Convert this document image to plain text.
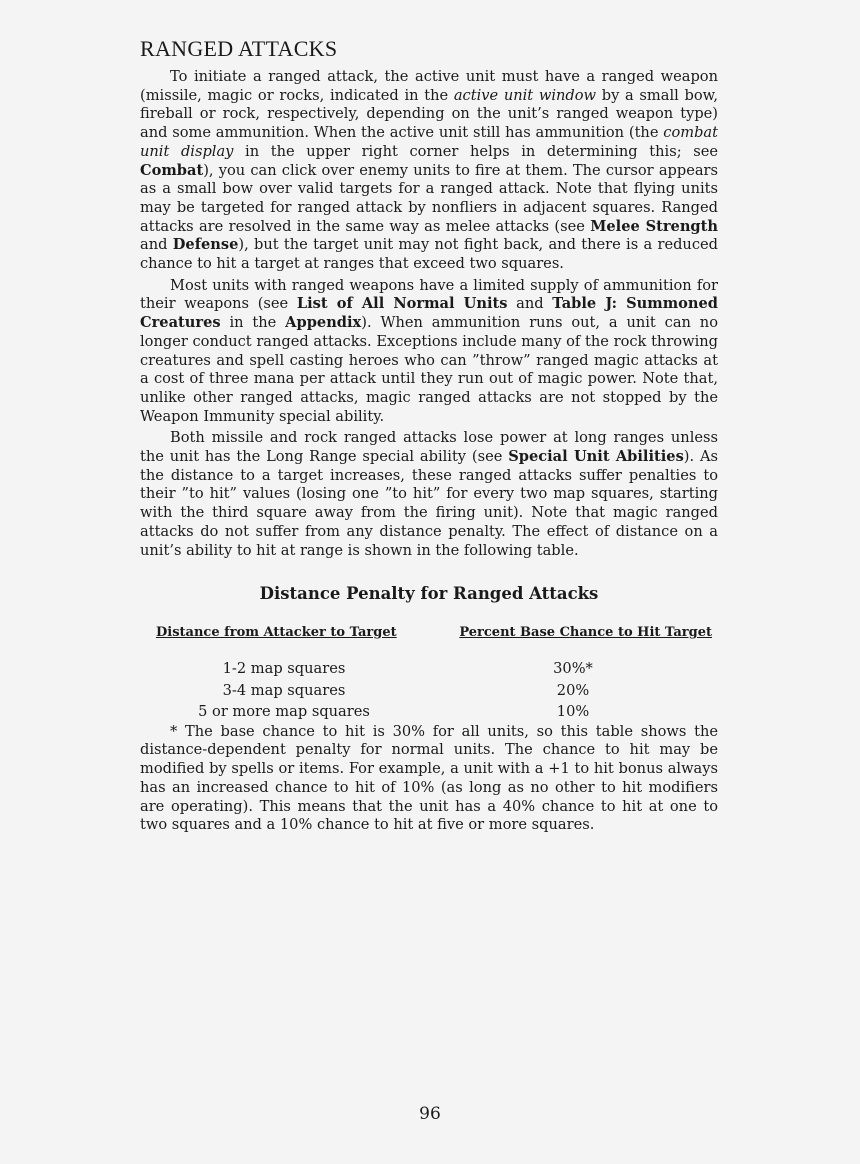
RANGED ATTACKS

To initiate a ranged attack, the active unit must have a ranged weapon (missile, magic or rocks, indicated in the active unit window by a small bow, fireball or rock, respectively, depending on the unit’s ranged weapon type) and some ammunition. When the active unit still has ammunition (the combat unit display in the upper right corner helps in determining this; see Combat), you can click over enemy units to fire at them. The cursor appears as a small bow over valid targets for a ranged attack. Note that flying units may be targeted for ranged attack by nonfliers in adjacent squares. Ranged attacks are resolved in the same way as melee attacks (see Melee Strength and Defense), but the target unit may not fight back, and there is a reduced chance to hit a target at ranges that exceed two squares.

Most units with ranged weapons have a limited supply of ammunition for their weapons (see List of All Normal Units and Table J: Summoned Creatures in the Appendix). When ammunition runs out, a unit can no longer conduct ranged attacks. Exceptions include many of the rock throwing creatures and spell casting heroes who can ”throw” ranged magic attacks at a cost of three mana per attack until they run out of magic power. Note that, unlike other ranged attacks, magic ranged attacks are not stopped by the Weapon Immunity special ability.

Both missile and rock ranged attacks lose power at long ranges unless the unit has the Long Range special ability (see Special Unit Abilities). As the distance to a target increases, these ranged attacks suffer penalties to their ”to hit” values (losing one ”to hit” for every two map squares, starting with the third square away from the firing unit). Note that magic ranged attacks do not suffer from any distance penalty. The effect of distance on a unit’s ability to hit at range is shown in the following table.

Distance Penalty for Ranged Attacks
Distance from Attacker to Target	Percent Base Chance to Hit Target
1-2 map squares	30%*
3-4 map squares	20%
5 or more map squares	10%

* The base chance to hit is 30% for all units, so this table shows the distance-dependent penalty for normal units. The chance to hit may be modified by spells or items. For example, a unit with a +1 to hit bonus always has an increased chance to hit of 10% (as long as no other to hit modifiers are operating). This means that the unit has a 40% chance to hit at one to two squares and a 10% chance to hit at five or more squares.

96
